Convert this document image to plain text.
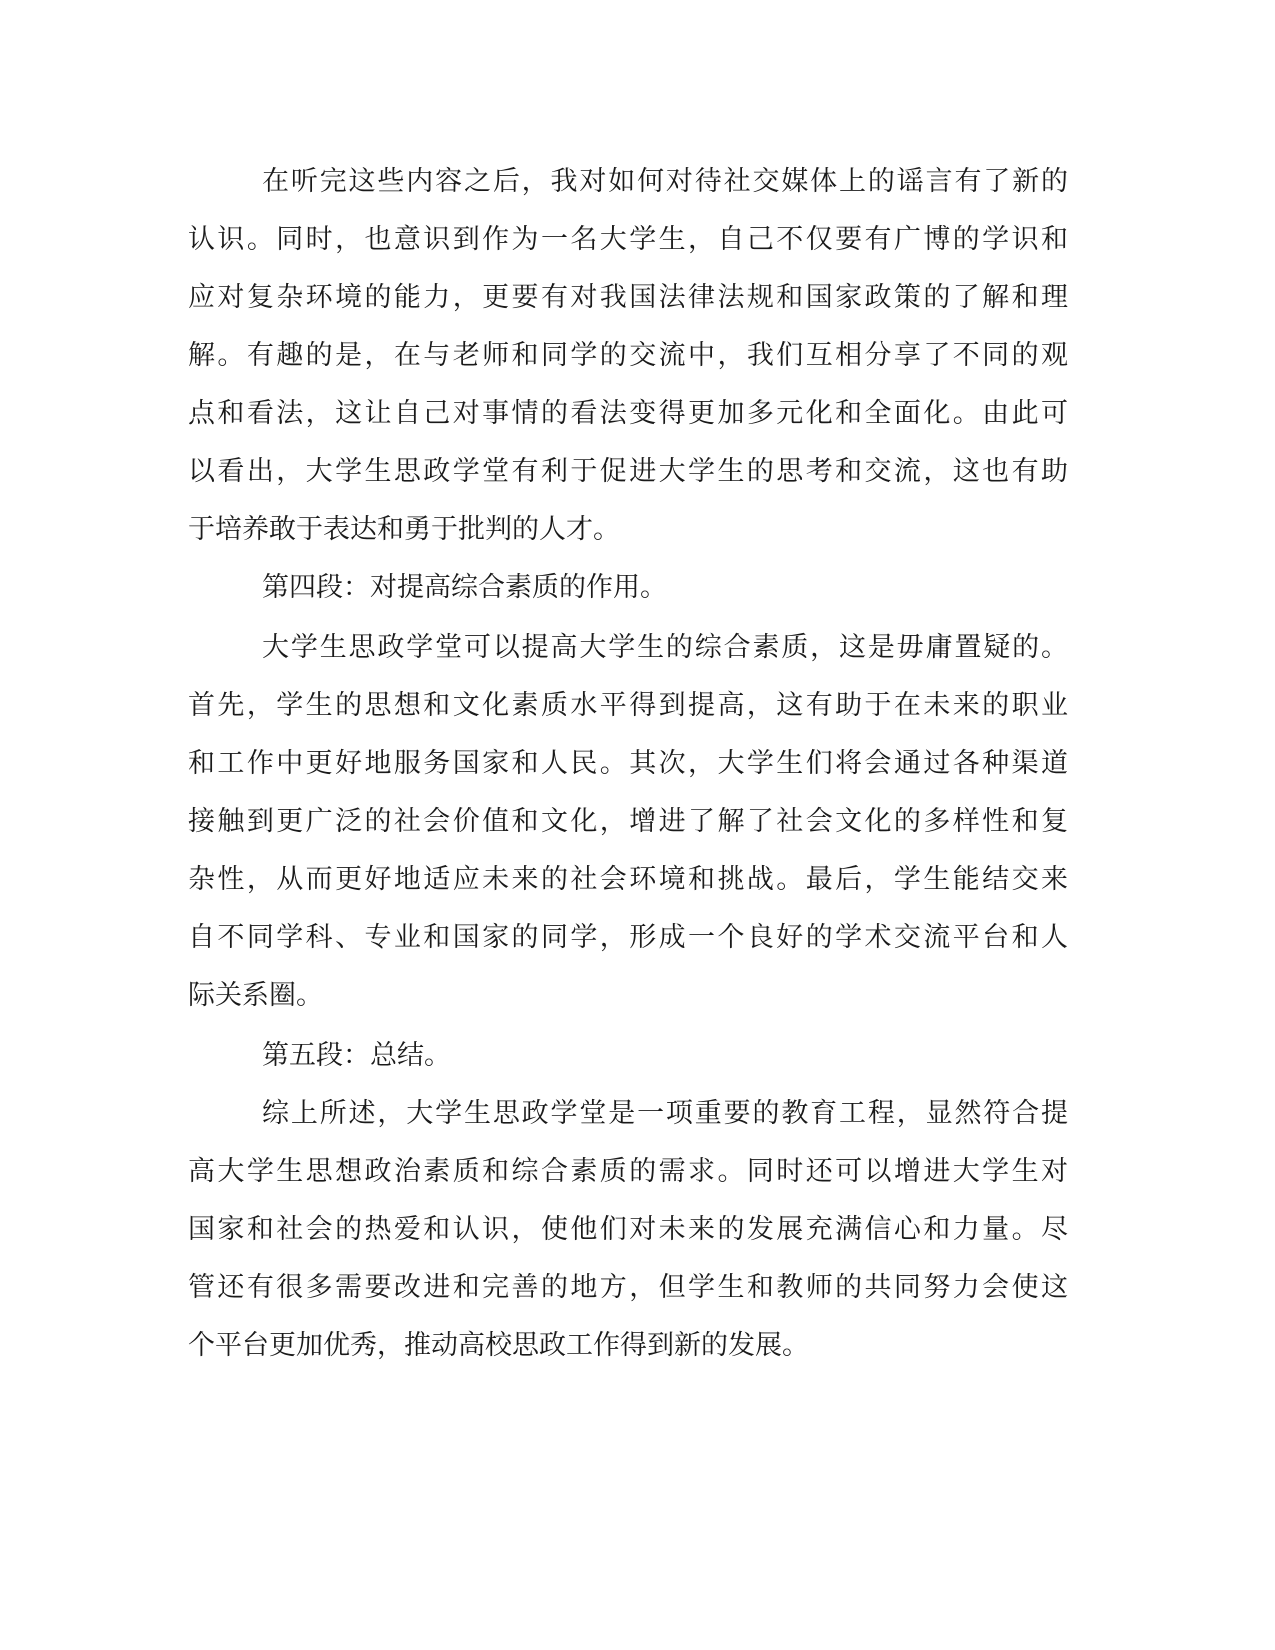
在听完这些内容之后，我对如何对待社交媒体上的谣言有了新的
认识。同时，也意识到作为一名大学生，自己不仅要有广博的学识和
应对复杂环境的能力，更要有对我国法律法规和国家政策的了解和理
解。有趣的是，在与老师和同学的交流中，我们互相分享了不同的观
点和看法，这让自己对事情的看法变得更加多元化和全面化。由此可
以看出，大学生思政学堂有利于促进大学生的思考和交流，这也有助
于培养敢于表达和勇于批判的人才。
第四段：对提高综合素质的作用。
大学生思政学堂可以提高大学生的综合素质，这是毋庸置疑的。
首先，学生的思想和文化素质水平得到提高，这有助于在未来的职业
和工作中更好地服务国家和人民。其次，大学生们将会通过各种渠道
接触到更广泛的社会价值和文化，增进了解了社会文化的多样性和复
杂性，从而更好地适应未来的社会环境和挑战。最后，学生能结交来
自不同学科、专业和国家的同学，形成一个良好的学术交流平台和人
际关系圈。
第五段：总结。
综上所述，大学生思政学堂是一项重要的教育工程，显然符合提
高大学生思想政治素质和综合素质的需求。同时还可以增进大学生对
国家和社会的热爱和认识，使他们对未来的发展充满信心和力量。尽
管还有很多需要改进和完善的地方，但学生和教师的共同努力会使这
个平台更加优秀，推动高校思政工作得到新的发展。
